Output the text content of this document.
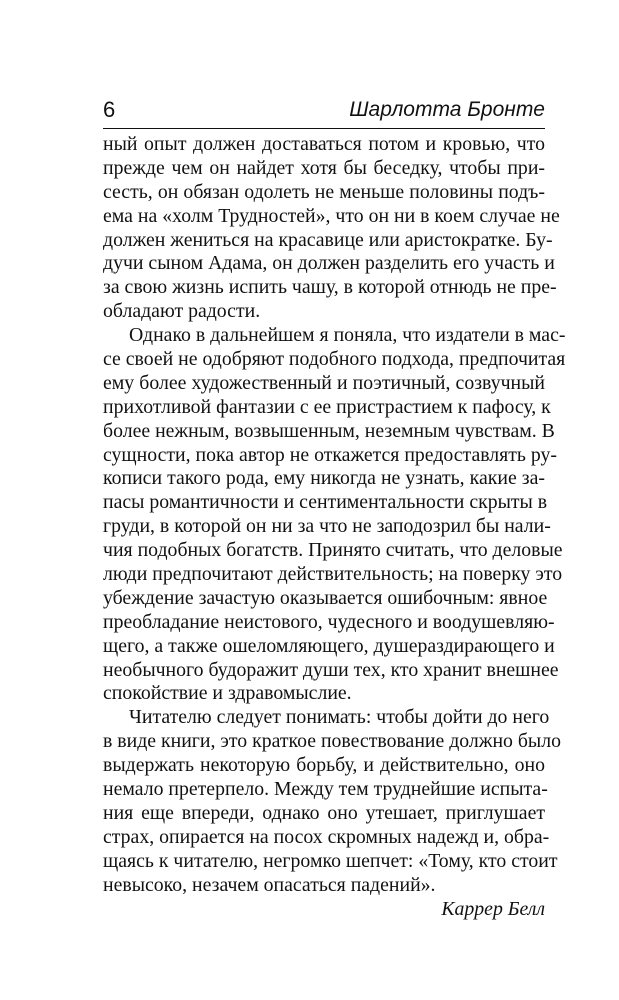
6	Шарлотта Бронте
ный опыт должен доставаться потом и кровью, что
прежде чем он найдет хотя бы беседку, чтобы при-
сесть, он обязан одолеть не меньше половины подъ-
ема на «холм Трудностей», что он ни в коем случае не
должен жениться на красавице или аристократке. Бу-
дучи сыном Адама, он должен разделить его участь и
за свою жизнь испить чашу, в которой отнюдь не пре-
обладают радости.
Однако в дальнейшем я поняла, что издатели в мас-
се своей не одобряют подобного подхода, предпочитая
ему более художественный и поэтичный, созвучный
прихотливой фантазии с ее пристрастием к пафосу, к
более нежным, возвышенным, неземным чувствам. В
сущности, пока автор не откажется предоставлять ру-
кописи такого рода, ему никогда не узнать, какие за-
пасы романтичности и сентиментальности скрыты в
груди, в которой он ни за что не заподозрил бы нали-
чия подобных богатств. Принято считать, что деловые
люди предпочитают действительность; на поверку это
убеждение зачастую оказывается ошибочным: явное
преобладание неистового, чудесного и воодушевляю-
щего, а также ошеломляющего, душераздирающего и
необычного будоражит души тех, кто хранит внешнее
спокойствие и здравомыслие.
Читателю следует понимать: чтобы дойти до него
в виде книги, это краткое повествование должно было
выдержать некоторую борьбу, и действительно, оно
немало претерпело. Между тем труднейшие испыта-
ния еще впереди, однако оно утешает, приглушает
страх, опирается на посох скромных надежд и, обра-
щаясь к читателю, негромко шепчет: «Тому, кто стоит
невысоко, незачем опасаться падений».
Каррер Белл
